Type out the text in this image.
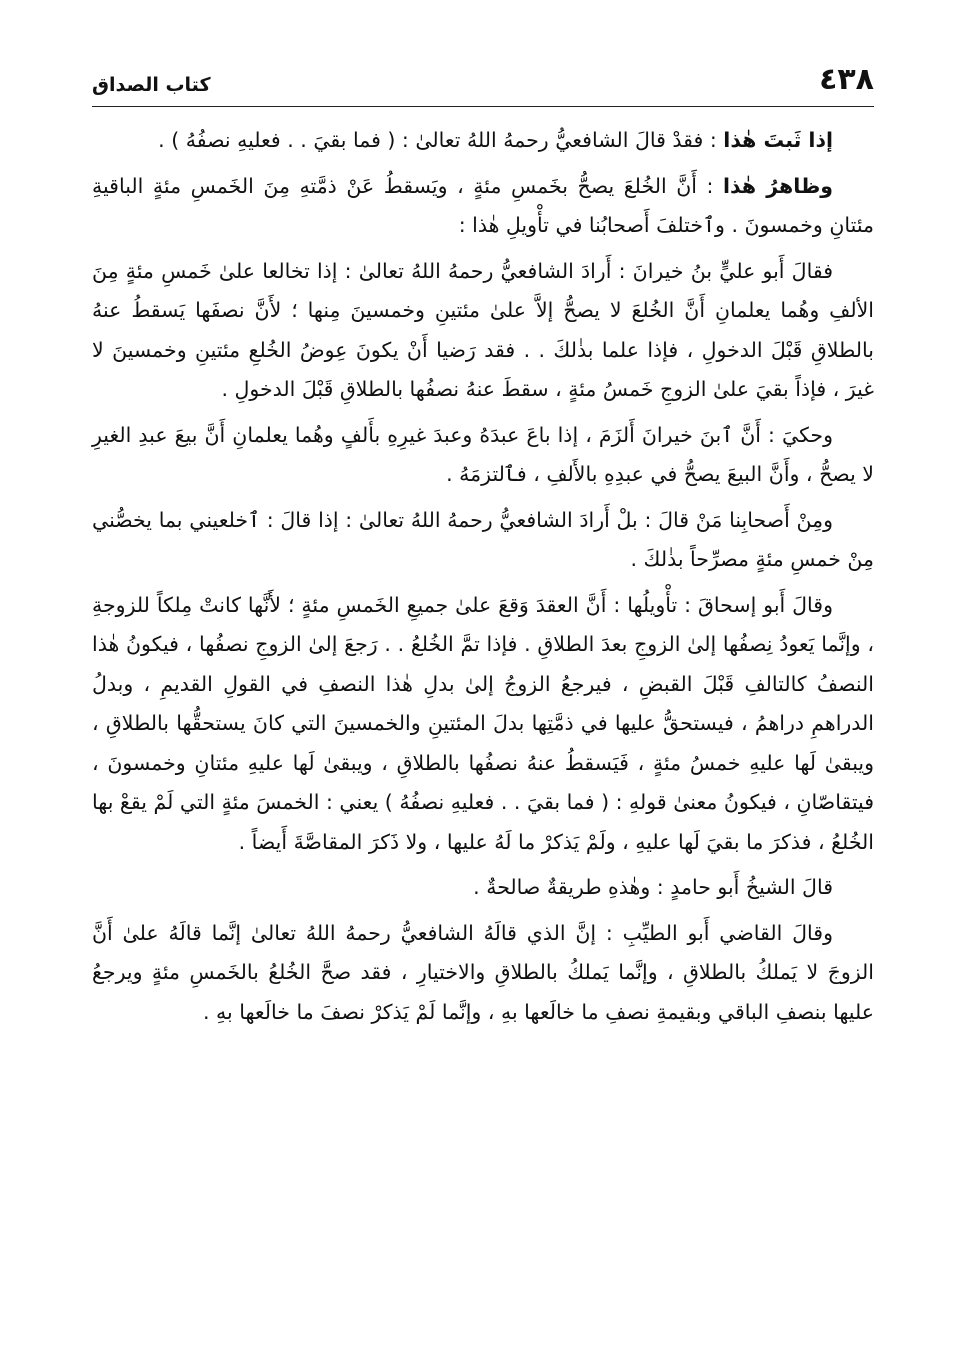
٤٣٨
كتاب الصداق

إذا ثَبتَ هٰذا : فقدْ قالَ الشافعيُّ رحمهُ اللهُ تعالىٰ : ( فما بقيَ . . فعليهِ نصفُهُ ) .

وظاهرُ هٰذا : أَنَّ الخُلعَ يصحُّ بخَمسِ مئةٍ ، ويَسقطُ عَنْ ذمَّتهِ مِنَ الخَمسِ مئةٍ الباقيةِ مئتانِ وخمسونَ . وٱختلفَ أَصحابُنا في تأْويلِ هٰذا :

فقالَ أَبو عليٍّ بنُ خيرانَ : أَرادَ الشافعيُّ رحمهُ اللهُ تعالىٰ : إذا تخالعا علىٰ خَمسِ مئةٍ مِنَ الألفِ وهُما يعلمانِ أَنَّ الخُلعَ لا يصحُّ إلاَّ علىٰ مئتينِ وخمسينَ مِنها ؛ لأَنَّ نصفَها يَسقطُ عنهُ بالطلاقِ قَبْلَ الدخولِ ، فإذا علما بذٰلكَ . . فقد رَضيا أَنْ يكونَ عِوضُ الخُلعِ مئتينِ وخمسينَ لا غيرَ ، فإذاً بقيَ علىٰ الزوجِ خَمسُ مئةٍ ، سقطَ عنهُ نصفُها بالطلاقِ قَبْلَ الدخولِ .

وحكيَ : أَنَّ ٱبنَ خيرانَ أَلزَمَ ، إذا باعَ عبدَهُ وعبدَ غيرِهِ بأَلفٍ وهُما يعلمانِ أَنَّ بيعَ عبدِ الغيرِ لا يصحُّ ، وأَنَّ البيعَ يصحُّ في عبدِهِ بالأَلفِ ، فٱلتزمَهُ .

ومِنْ أَصحابِنا مَنْ قالَ : بلْ أَرادَ الشافعيُّ رحمهُ اللهُ تعالىٰ : إذا قالَ : ٱخلعيني بما يخصُّني مِنْ خمسِ مئةٍ مصرِّحاً بذٰلكَ .

وقالَ أَبو إسحاقَ : تأْويلُها : أَنَّ العقدَ وَقعَ علىٰ جميعِ الخَمسِ مئةٍ ؛ لأَنَّها كانتْ مِلكاً للزوجةِ ، وإنَّما يَعودُ نِصفُها إلىٰ الزوجِ بعدَ الطلاقِ . فإذا تمَّ الخُلعُ . . رَجعَ إلىٰ الزوجِ نصفُها ، فيكونُ هٰذا النصفُ كالتالفِ قَبْلَ القبضِ ، فيرجعُ الزوجُ إلىٰ بدلِ هٰذا النصفِ في القولِ القديمِ ، وبدلُ الدراهمِ دراهمُ ، فيستحقُّ عليها في ذمَّتِها بدلَ المئتينِ والخمسينَ التي كانَ يستحقُّها بالطلاقِ ، ويبقىٰ لَها عليهِ خمسُ مئةٍ ، فَيَسقطُ عنهُ نصفُها بالطلاقِ ، ويبقىٰ لَها عليهِ مئتانِ وخمسونَ ، فيتقاصّانِ ، فيكونُ معنىٰ قولهِ : ( فما بقيَ . . فعليهِ نصفُهُ ) يعني : الخمسَ مئةٍ التي لَمْ يقعْ بها الخُلعُ ، فذكرَ ما بقيَ لَها عليهِ ، ولَمْ يَذكرْ ما لَهُ عليها ، ولا ذَكرَ المقاصَّةَ أَيضاً .

قالَ الشيخُ أَبو حامدٍ : وهٰذهِ طريقةٌ صالحةٌ .

وقالَ القاضي أَبو الطيِّبِ : إنَّ الذي قالَهُ الشافعيُّ رحمهُ اللهُ تعالىٰ إنَّما قالَهُ علىٰ أَنَّ الزوجَ لا يَملكُ بالطلاقِ ، وإنَّما يَملكُ بالطلاقِ والاختيارِ ، فقد صحَّ الخُلعُ بالخَمسِ مئةٍ ويرجعُ عليها بنصفِ الباقي وبقيمةِ نصفِ ما خالَعها بهِ ، وإنَّما لَمْ يَذكرْ نصفَ ما خالَعها بهِ .
